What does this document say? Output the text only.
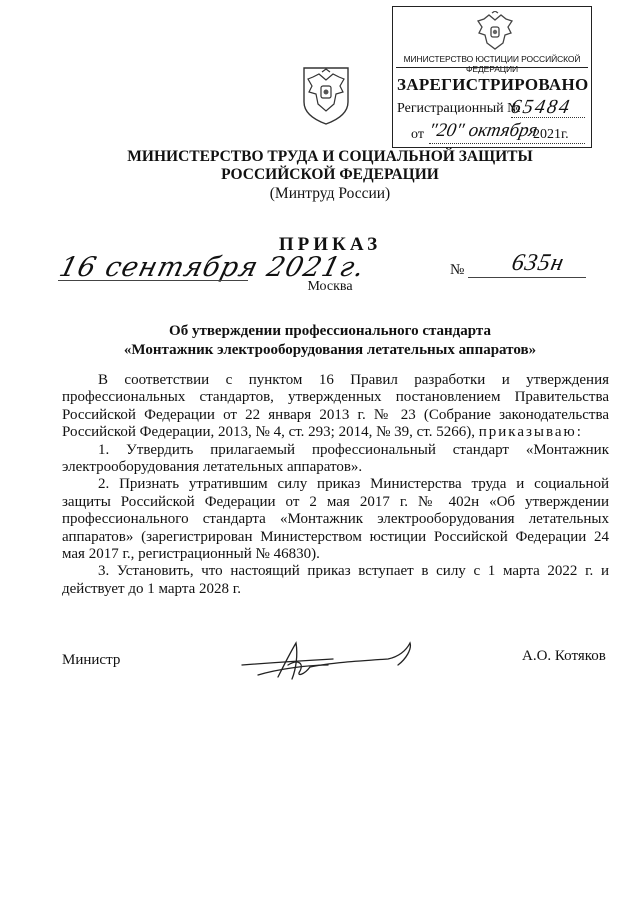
МИНИСТЕРСТВО ЮСТИЦИИ РОССИЙСКОЙ ФЕДЕРАЦИИ
ЗАРЕГИСТРИРОВАНО
Регистрационный №
65484
от "20" октября
2021г.
МИНИСТЕРСТВО ТРУДА И СОЦИАЛЬНОЙ ЗАЩИТЫ
РОССИЙСКОЙ ФЕДЕРАЦИИ
(Минтруд России)
ПРИКАЗ
16 сентября 2021г.	№ 635н
Москва
Об утверждении профессионального стандарта
«Монтажник электрооборудования летательных аппаратов»

В соответствии с пунктом 16 Правил разработки и утверждения профессиональных стандартов, утвержденных постановлением Правительства Российской Федерации от 22 января 2013 г. № 23 (Собрание законодательства Российской Федерации, 2013, № 4, ст. 293; 2014, № 39, ст. 5266), приказываю:

1. Утвердить прилагаемый профессиональный стандарт «Монтажник электрооборудования летательных аппаратов».

2. Признать утратившим силу приказ Министерства труда и социальной защиты Российской Федерации от 2 мая 2017 г. № 402н «Об утверждении профессионального стандарта «Монтажник электрооборудования летательных аппаратов» (зарегистрирован Министерством юстиции Российской Федерации 24 мая 2017 г., регистрационный № 46830).

3. Установить, что настоящий приказ вступает в силу с 1 марта 2022 г. и действует до 1 марта 2028 г.

Министр	А.О. Котяков
